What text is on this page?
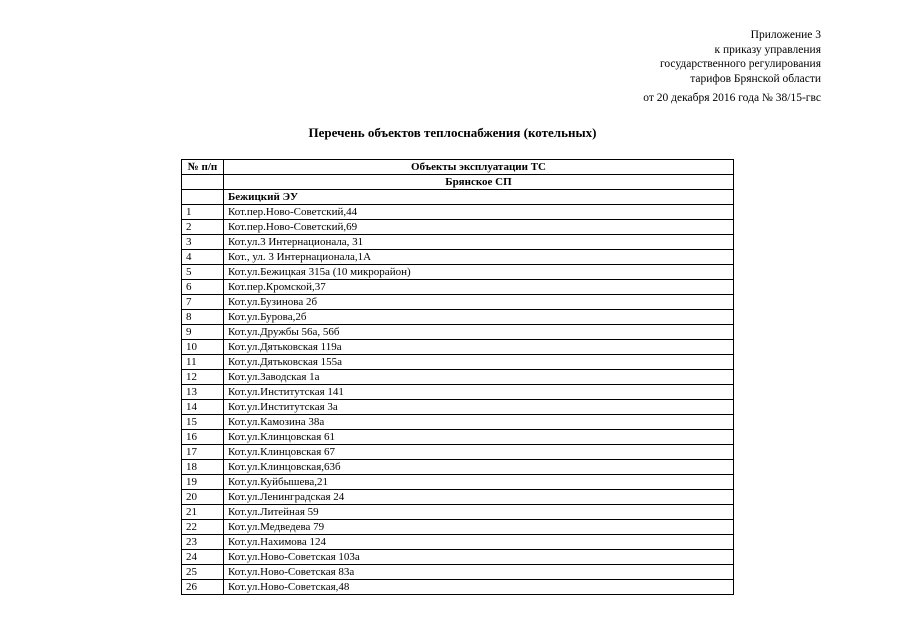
Приложение 3
к приказу управления
государственного регулирования
тарифов Брянской области
от 20 декабря 2016 года № 38/15-гвс
Перечень объектов теплоснабжения (котельных)
№ п/п	Объекты эксплуатации ТС
	Брянское СП
	Бежицкий ЭУ
1	Кот.пер.Ново-Советский,44
2	Кот.пер.Ново-Советский,69
3	Кот.ул.3 Интернационала, 31
4	Кот., ул. 3 Интернационала,1А
5	Кот.ул.Бежицкая 315а (10 микрорайон)
6	Кот.пер.Кромской,37
7	Кот.ул.Бузинова 2б
8	Кот.ул.Бурова,2б
9	Кот.ул.Дружбы 56а, 56б
10	Кот.ул.Дятьковская 119а
11	Кот.ул.Дятьковская 155а
12	Кот.ул.Заводская 1а
13	Кот.ул.Институтская 141
14	Кот.ул.Институтская 3а
15	Кот.ул.Камозина 38а
16	Кот.ул.Клинцовская 61
17	Кот.ул.Клинцовская 67
18	Кот.ул.Клинцовская,63б
19	Кот.ул.Куйбышева,21
20	Кот.ул.Ленинградская 24
21	Кот.ул.Литейная 59
22	Кот.ул.Медведева 79
23	Кот.ул.Нахимова 124
24	Кот.ул.Ново-Советская 103а
25	Кот.ул.Ново-Советская 83а
26	Кот.ул.Ново-Советская,48
